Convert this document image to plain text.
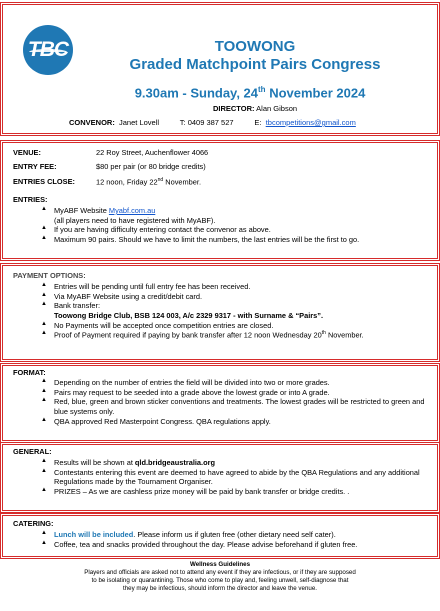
TBC	TOOWONG
Graded Matchpoint Pairs Congress
9.30am - Sunday, 24th November 2024
DIRECTOR: Alan Gibson
CONVENOR: Janet Lovell	T: 0409 387 527	E: tbcompetitions@gmail.com
VENUE:	22 Roy Street, Auchenflower 4066
ENTRY FEE:	$80 per pair (or 80 bridge credits)
ENTRIES CLOSE:	12 noon, Friday 22nd November.
ENTRIES:
▲ MyABF Website Myabf.com.au
(all players need to have registered with MyABF).
▲ If you are having difficulty entering contact the convenor as above.
▲ Maximum 90 pairs. Should we have to limit the numbers, the last entries will be the first to go.
PAYMENT OPTIONS:
▲ Entries will be pending until full entry fee has been received.
▲ Via MyABF Website using a credit/debit card.
▲ Bank transfer:
Toowong Bridge Club, BSB 124 003, A/c 2329 9317 - with Surname & “Pairs”.
▲ No Payments will be accepted once competition entries are closed.
▲ Proof of Payment required if paying by bank transfer after 12 noon Wednesday 20th November.
FORMAT:
▲ Depending on the number of entries the field will be divided into two or more grades.
▲ Pairs may request to be seeded into a grade above the lowest grade or into A grade.
▲ Red, blue, green and brown sticker conventions and treatments. The lowest grades will be restricted to green and blue systems only.
▲ QBA approved Red Masterpoint Congress. QBA regulations apply.
GENERAL:
▲ Results will be shown at qld.bridgeaustralia.org
▲ Contestants entering this event are deemed to have agreed to abide by the QBA Regulations and any additional Regulations made by the Tournament Organiser.
▲ PRIZES – As we are cashless prize money will be paid by bank transfer or bridge credits. .
CATERING:
▲ Lunch will be included. Please inform us if gluten free (other dietary need self cater).
▲ Coffee, tea and snacks provided throughout the day. Please advise beforehand if gluten free.
Wellness Guidelines
Players and officials are asked not to attend any event if they are infectious, or if they are supposed
to be isolating or quarantining. Those who come to play and, feeling unwell, self-diagnose that
they may be infectious, should inform the director and leave the venue.
